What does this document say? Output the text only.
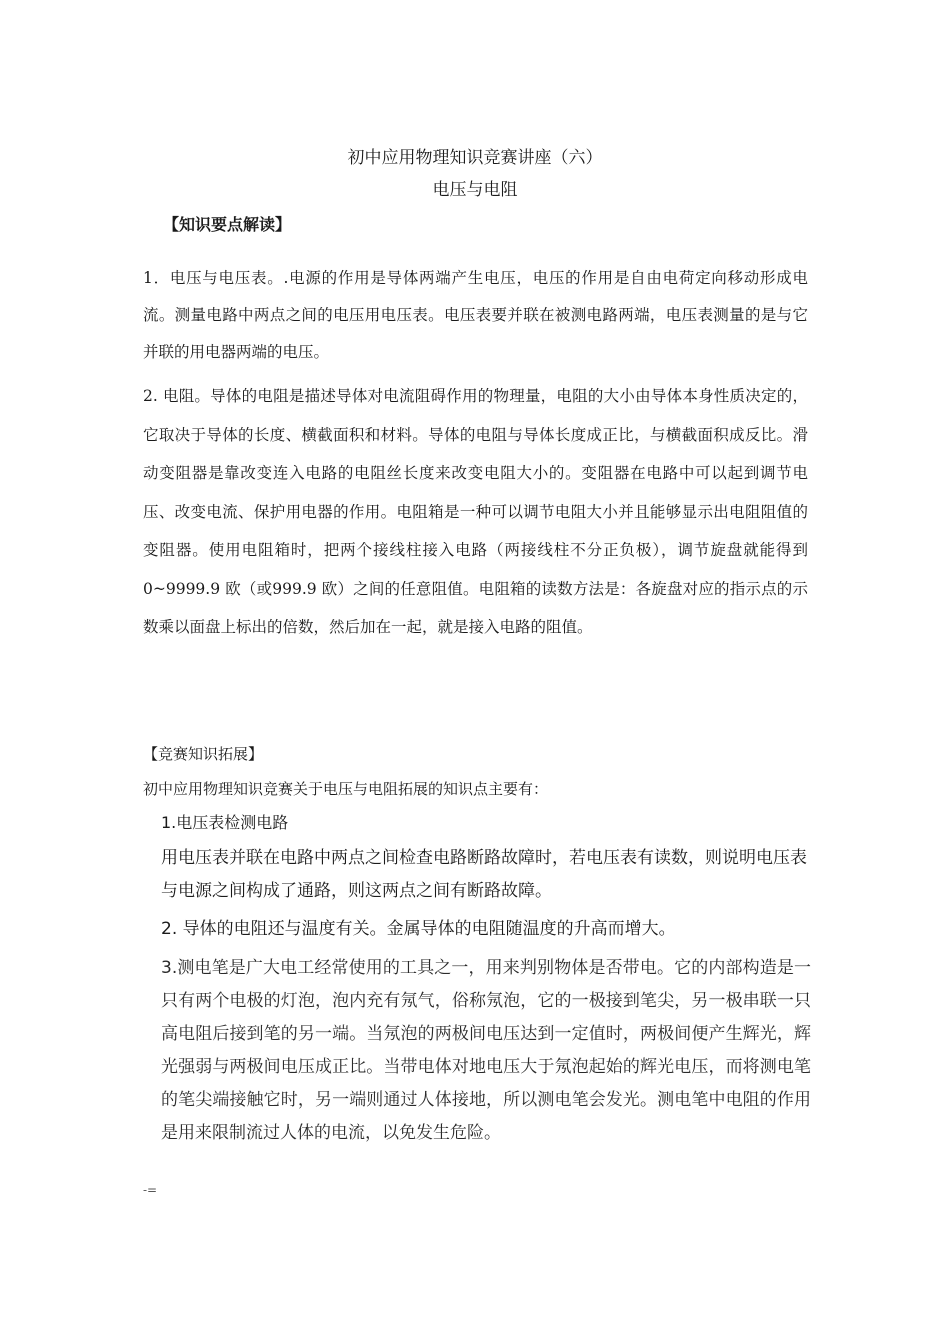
初中应用物理知识竞赛讲座（六）
电压与电阻
【知识要点解读】
1．电压与电压表。.电源的作用是导体两端产生电压，电压的作用是自由电荷定向移动形成电流。测量电路中两点之间的电压用电压表。电压表要并联在被测电路两端，电压表测量的是与它并联的用电器两端的电压。
2. 电阻。导体的电阻是描述导体对电流阻碍作用的物理量，电阻的大小由导体本身性质决定的，它取决于导体的长度、横截面积和材料。导体的电阻与导体长度成正比，与横截面积成反比。滑动变阻器是靠改变连入电路的电阻丝长度来改变电阻大小的。变阻器在电路中可以起到调节电压、改变电流、保护用电器的作用。电阻箱是一种可以调节电阻大小并且能够显示出电阻阻值的变阻器。使用电阻箱时，把两个接线柱接入电路（两接线柱不分正负极），调节旋盘就能得到 0~9999.9 欧（或999.9 欧）之间的任意阻值。电阻箱的读数方法是：各旋盘对应的指示点的示数乘以面盘上标出的倍数，然后加在一起，就是接入电路的阻值。
【竞赛知识拓展】
初中应用物理知识竞赛关于电压与电阻拓展的知识点主要有：
1.电压表检测电路
用电压表并联在电路中两点之间检查电路断路故障时，若电压表有读数，则说明电压表与电源之间构成了通路，则这两点之间有断路故障。
2. 导体的电阻还与温度有关。金属导体的电阻随温度的升高而增大。
3.测电笔是广大电工经常使用的工具之一，用来判别物体是否带电。它的内部构造是一只有两个电极的灯泡，泡内充有氖气，俗称氖泡，它的一极接到笔尖，另一极串联一只高电阻后接到笔的另一端。当氖泡的两极间电压达到一定值时，两极间便产生辉光，辉光强弱与两极间电压成正比。当带电体对地电压大于氖泡起始的辉光电压，而将测电笔的笔尖端接触它时，另一端则通过人体接地，所以测电笔会发光。测电笔中电阻的作用是用来限制流过人体的电流，以免发生危险。
-=
